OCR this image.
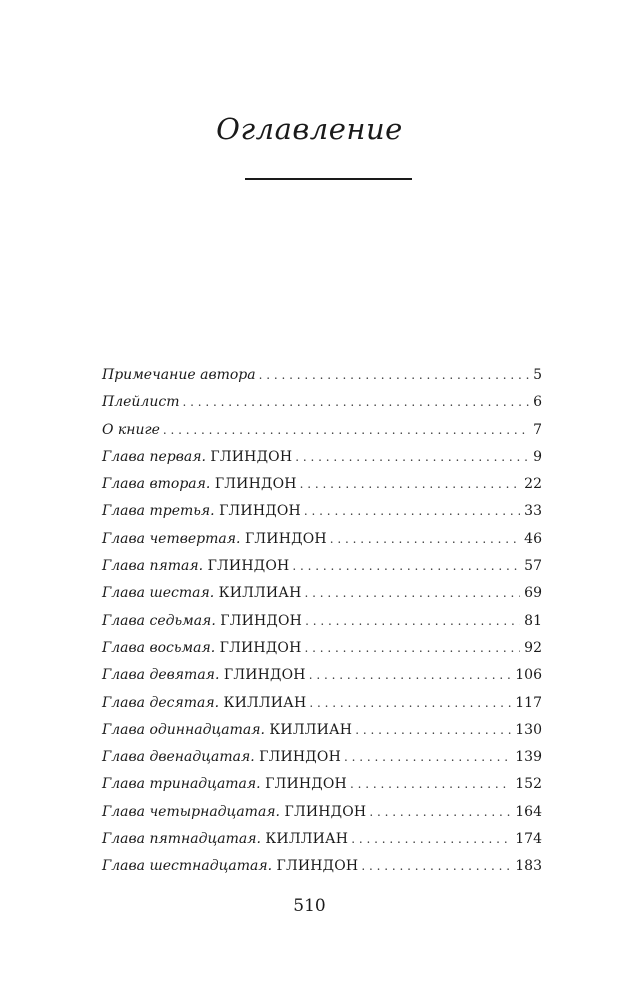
Оглавление
Примечание автора . . .	5
Плейлист . . .	6
О книге . . .	7
Глава первая. ГЛИНДОН . . .	9
Глава вторая. ГЛИНДОН . . .	22
Глава третья. ГЛИНДОН . . .	33
Глава четвертая. ГЛИНДОН . . .	46
Глава пятая. ГЛИНДОН . . .	57
Глава шестая. КИЛЛИАН . . .	69
Глава седьмая. ГЛИНДОН . . .	81
Глава восьмая. ГЛИНДОН . . .	92
Глава девятая. ГЛИНДОН . . .	106
Глава десятая. КИЛЛИАН . . .	117
Глава одиннадцатая. КИЛЛИАН . . .	130
Глава двенадцатая. ГЛИНДОН . . .	139
Глава тринадцатая. ГЛИНДОН . . .	152
Глава четырнадцатая. ГЛИНДОН . . .	164
Глава пятнадцатая. КИЛЛИАН . . .	174
Глава шестнадцатая. ГЛИНДОН . . .	183
510
